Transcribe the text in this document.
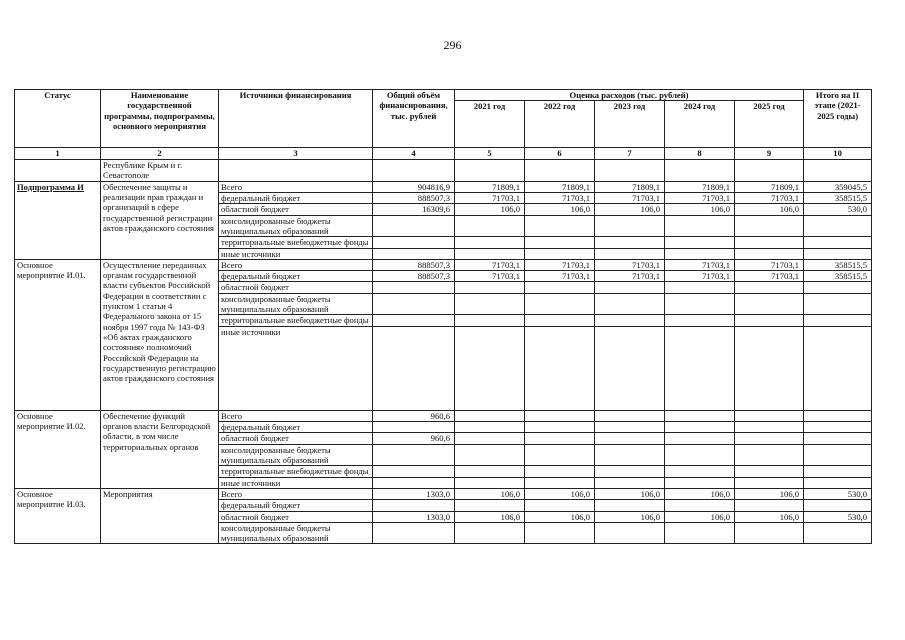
296
Статус	Наименование государственной программы, подпрограммы, основного мероприятия	Источники финансирования	Общий объём финансирования, тыс. рублей	Оценка расходов (тыс. рублей)					Итого на II этапе (2021-2025 годы)
				2021 год	2022 год	2023 год	2024 год	2025 год	
1	2	3	4	5	6	7	8	9	10
	Республике Крым и г. Севастополе								
Подпрограмма И	Обеспечение защиты и реализации прав граждан и организаций в сфере государственной регистрации актов гражданского состояния	Всего	904816,9	71809,1	71809,1	71809,1	71809,1	71809,1	359045,5
		федеральный бюджет	888507,3	71703,1	71703,1	71703,1	71703,1	71703,1	358515,5
		областной бюджет	16309,6	106,0	106,0	106,0	106,0	106,0	530,0
		консолидированные бюджеты муниципальных образований							
		территориальные внебюджетные фонды							
		иные источники							
Основное мероприятие И.01.	Осуществление переданных органам государственной власти субъектов Российской Федерации в соответствии с пунктом 1 статьи 4 Федерального закона от 15 ноября 1997 года № 143-ФЗ «Об актах гражданского состояния» полномочий Российской Федерации на государственную регистрацию актов гражданского состояния	Всего	888507,3	71703,1	71703,1	71703,1	71703,1	71703,1	358515,5
		федеральный бюджет	888507,3	71703,1	71703,1	71703,1	71703,1	71703,1	358515,5
		областной бюджет							
		консолидированные бюджеты муниципальных образований							
		территориальные внебюджетные фонды							
		иные источники							
Основное мероприятие И.02.	Обеспечение функций органов власти Белгородской области, в том числе территориальных органов	Всего	960,6						
		федеральный бюджет							
		областной бюджет	960,6						
		консолидированные бюджеты муниципальных образований							
		территориальные внебюджетные фонды							
		иные источники							
Основное мероприятие И.03.	Мероприятия	Всего	1303,0	106,0	106,0	106,0	106,0	106,0	530,0
		федеральный бюджет							
		областной бюджет	1303,0	106,0	106,0	106,0	106,0	106,0	530,0
		консолидированные бюджеты муниципальных образований							
